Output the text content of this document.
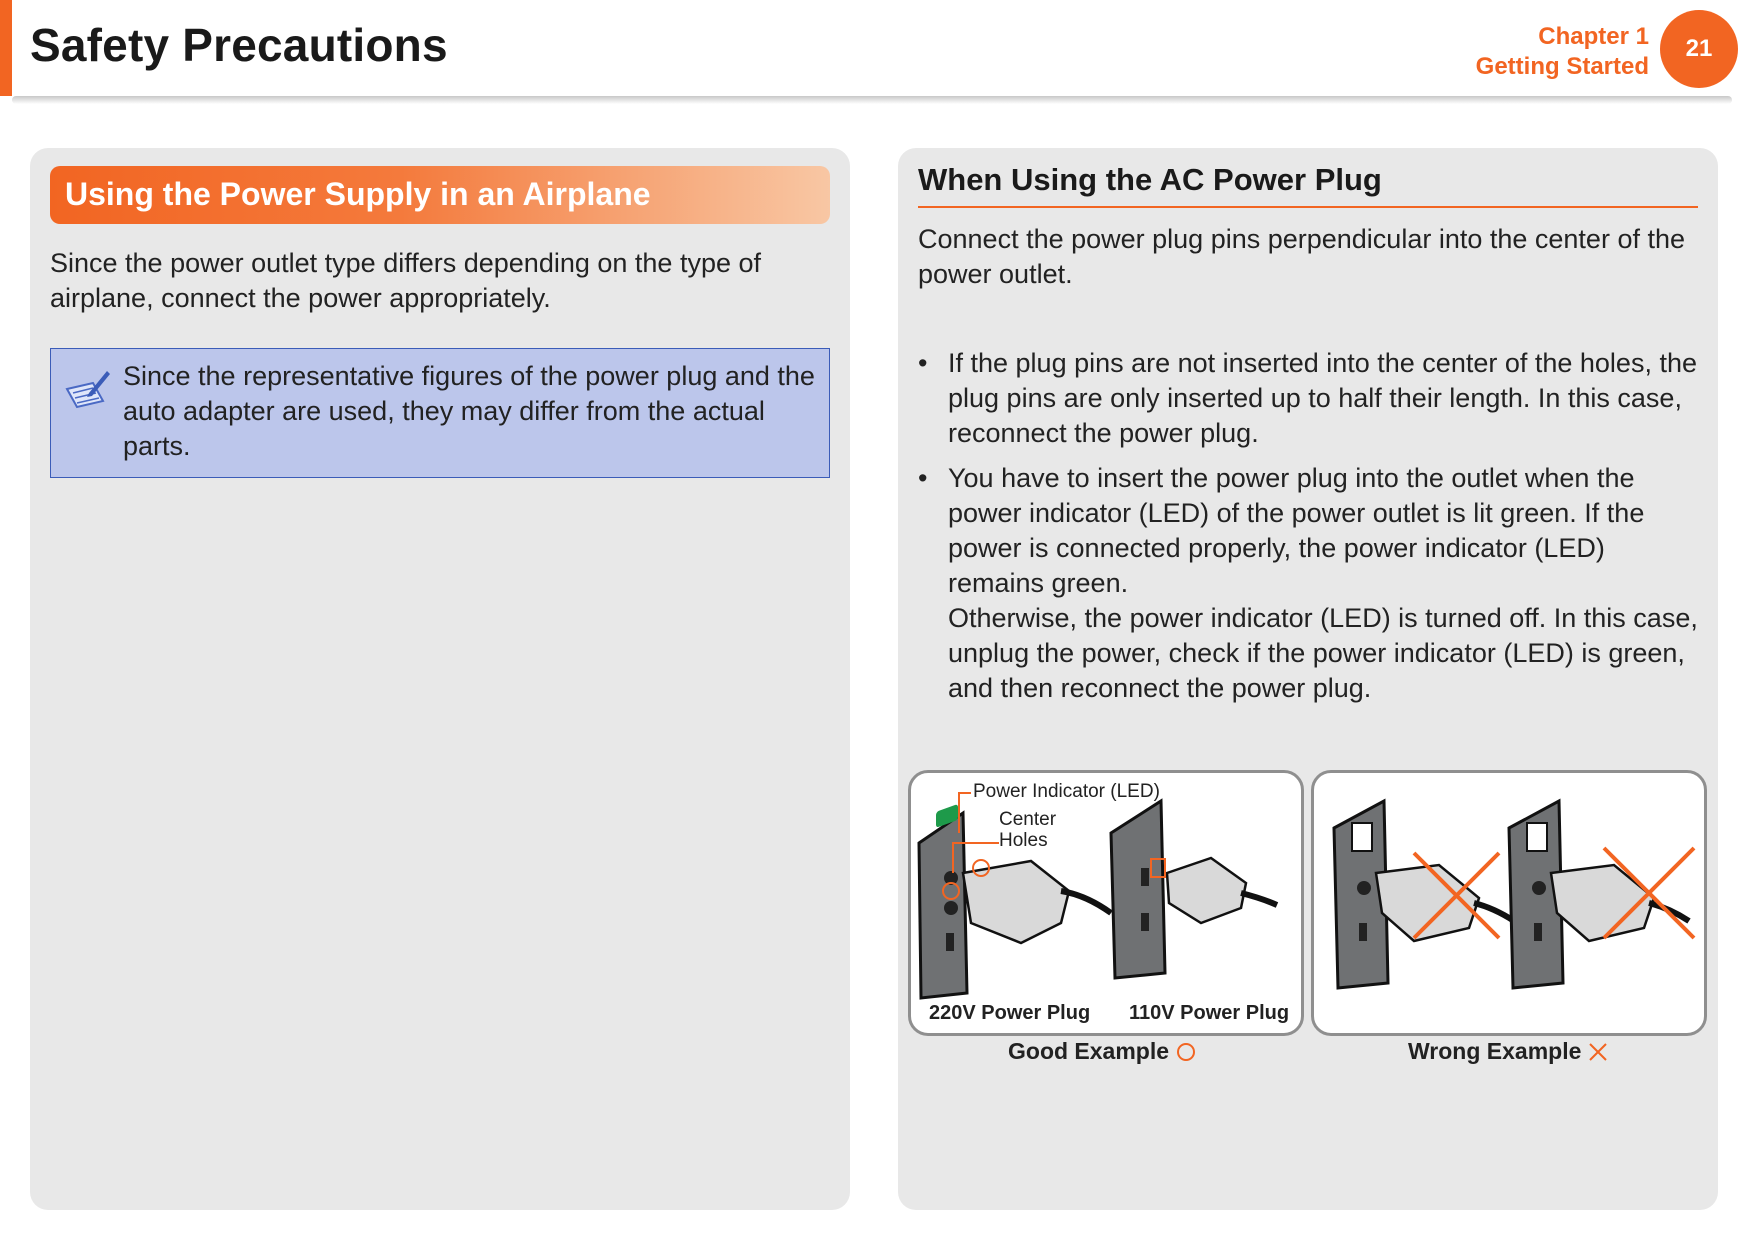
Safety Precautions	Chapter 1
Getting Started
21
Using the Power Supply in an Airplane
Since the power outlet type differs depending on the type of airplane, connect the power appropriately.
Since the representative figures of the power plug and the auto adapter are used, they may differ from the actual parts.
When Using the AC Power Plug
Connect the power plug pins perpendicular into the center of the power outlet.
• If the plug pins are not inserted into the center of the holes, the plug pins are only inserted up to half their length. In this case, reconnect the power plug.

• You have to insert the power plug into the outlet when the power indicator (LED) of the power outlet is lit green. If the power is connected properly, the power indicator (LED) remains green.

Otherwise, the power indicator (LED) is turned off. In this case, unplug the power, check if the power indicator (LED) is green, and then reconnect the power plug.

Power Indicator (LED)
Center
Holes
220V Power Plug 110V Power Plug
Good Example	Wrong Example
